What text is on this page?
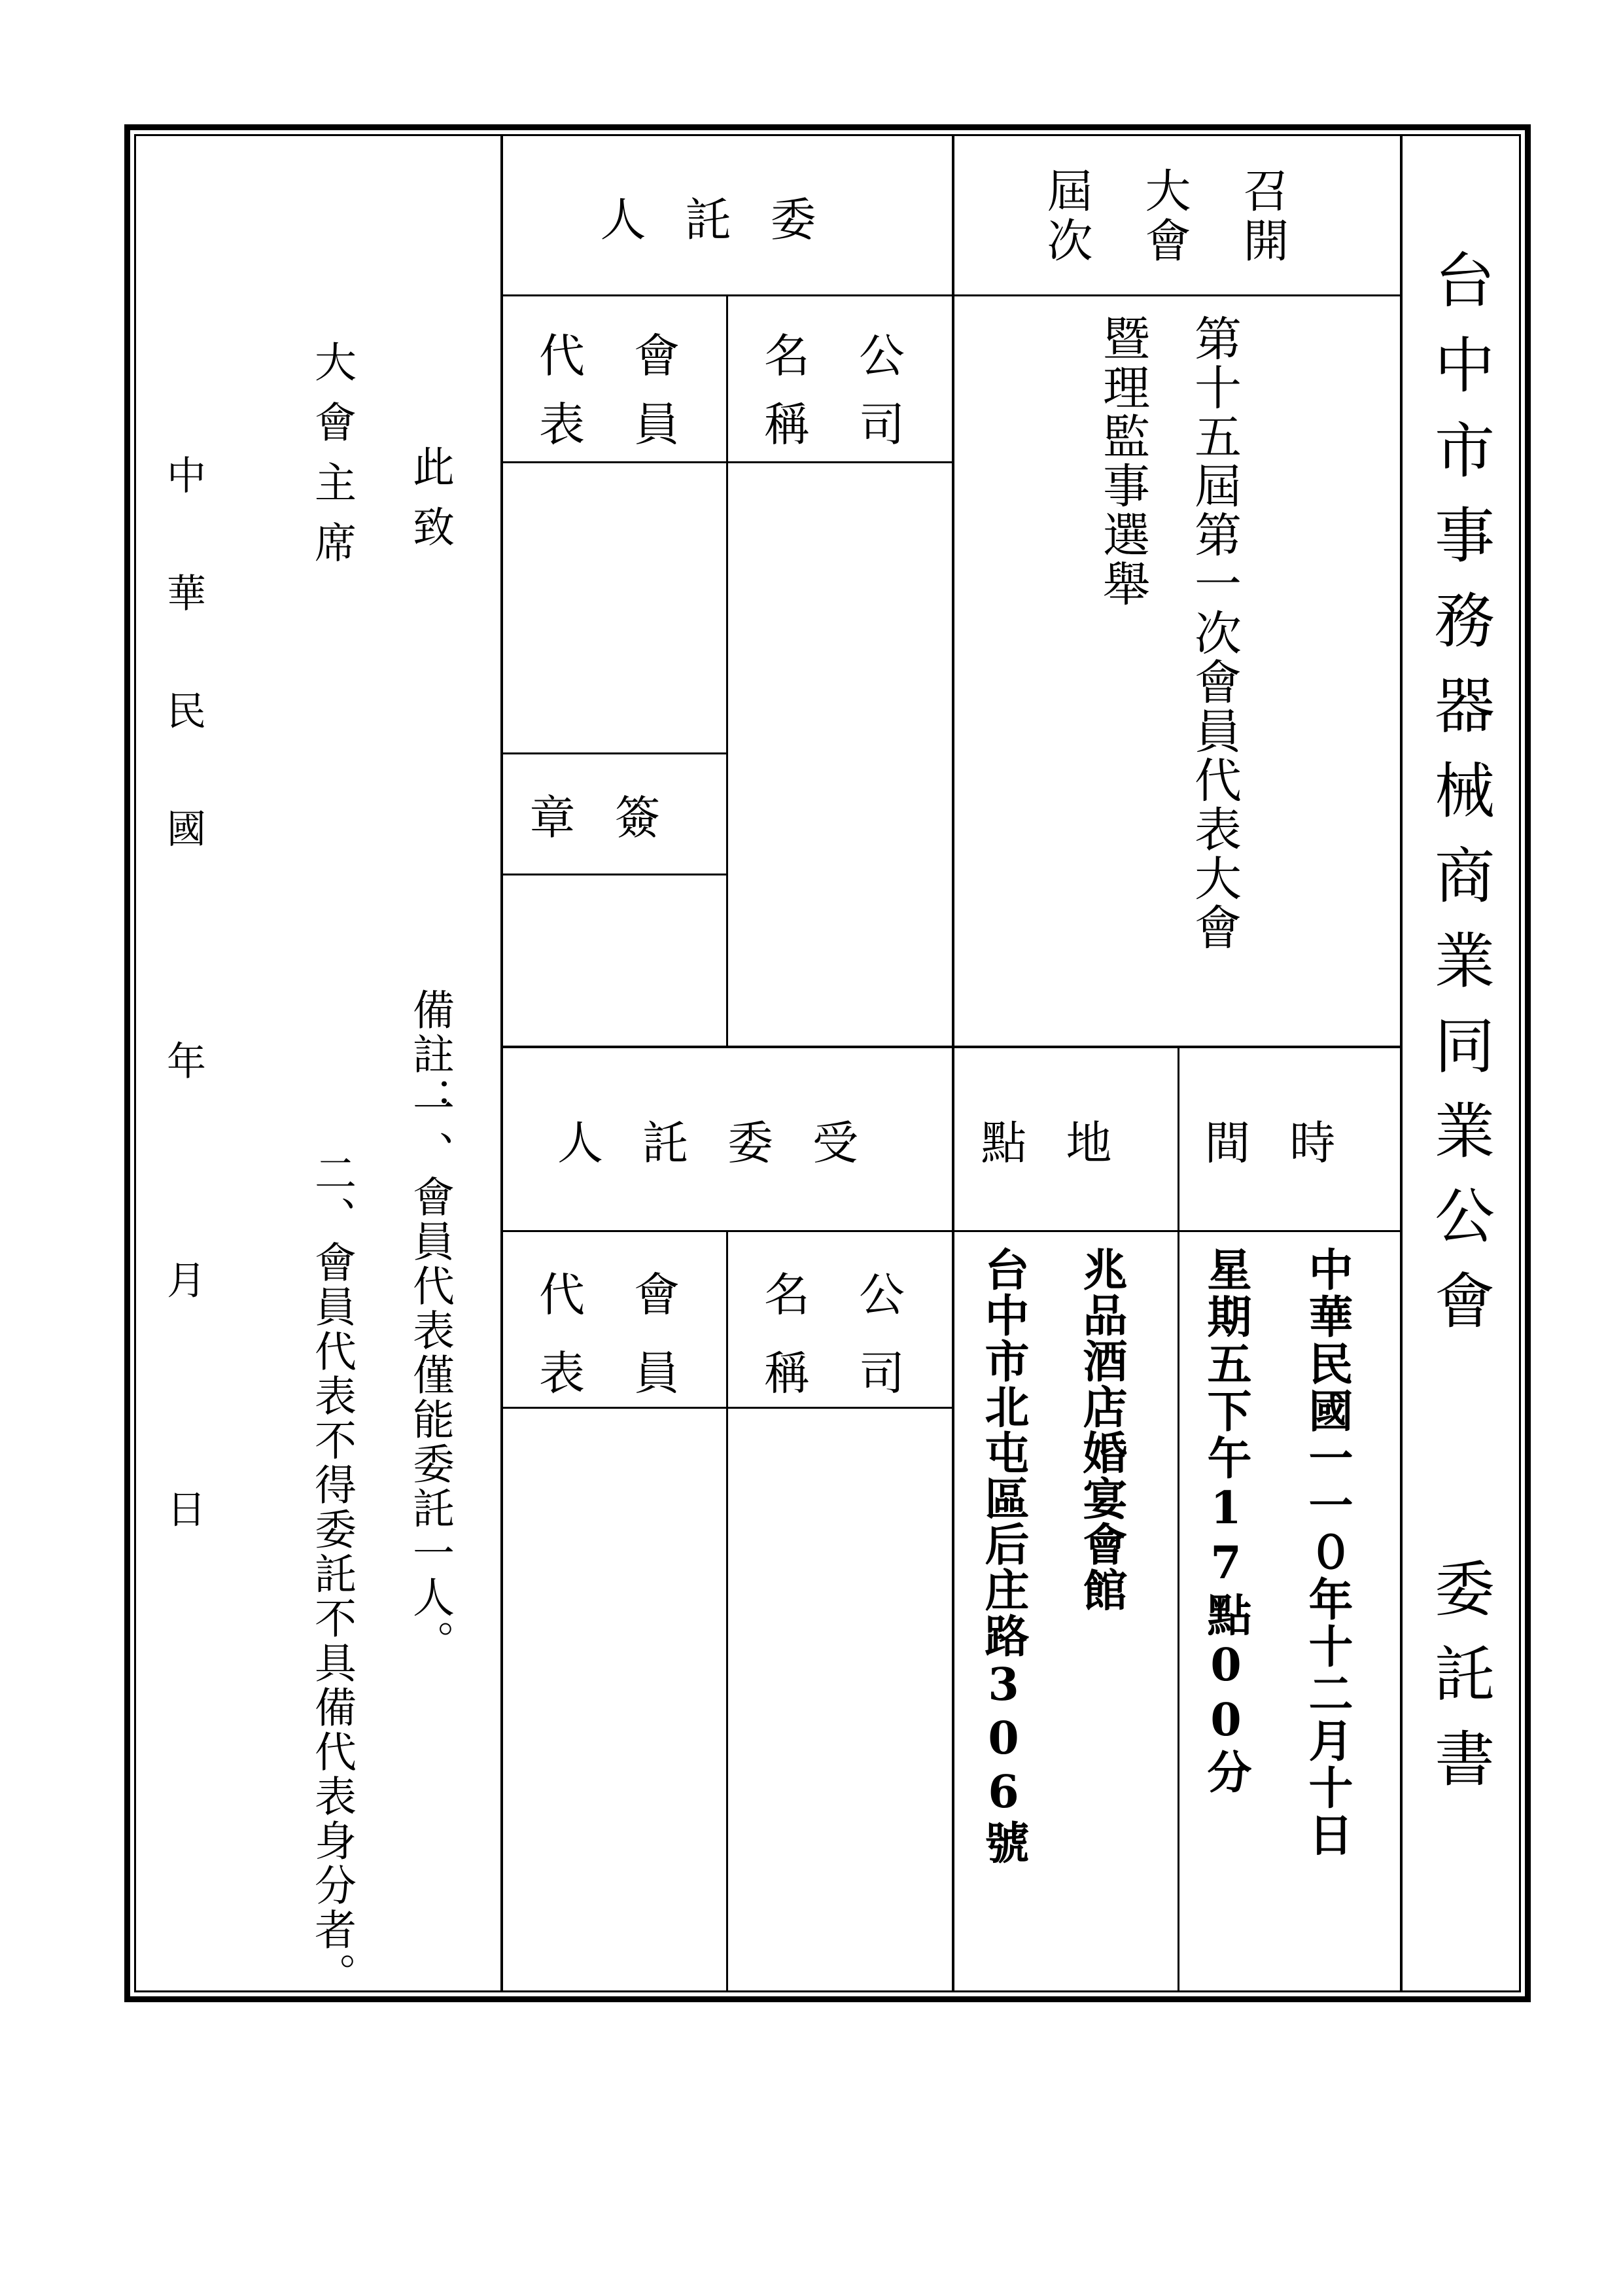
台中市事務器械商業同業公會
委託書
召開
大會
屆次
第十五屆第一次會員代表大會
暨理監事選舉
委託人
公
司
名
稱
會
員
代
表
簽章
時間
地點
受委託人
中華民國一一０年十二月十日
星期五下午17點00分
兆品酒店婚宴會館
台中市北屯區后庄路306號
公
司
名
稱
會
員
代
表
此致
大會主席
備註：
一、會員代表僅能委託一人。
二、會員代表不得委託不具備代表身分者。
中
華
民
國
年
月
日
